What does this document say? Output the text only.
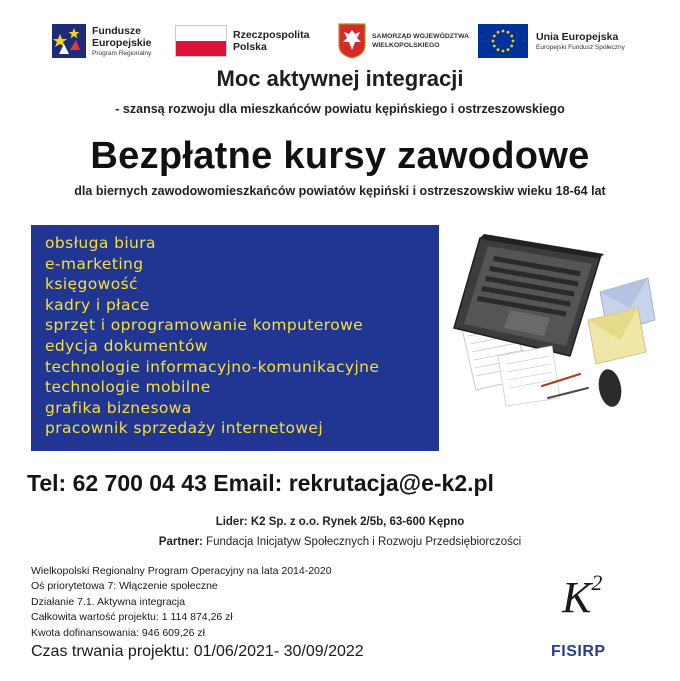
Fundusze
Europejskie
Program Regionalny
Rzeczpospolita
Polska
SAMORZĄD WOJEWÓDZTWA
WIELKOPOLSKIEGO
Unia Europejska
Europejski Fundusz Społeczny
Moc aktywnej integracji
- szansą rozwoju dla mieszkańców powiatu kępińskiego i ostrzeszowskiego
Bezpłatne kursy zawodowe
dla biernych zawodowomieszkańców powiatów kępiński i ostrzeszowskiw wieku 18-64 lat
obsługa biura
e-marketing
księgowość
kadry i płace
sprzęt i oprogramowanie komputerowe
edycja dokumentów
technologie informacyjno-komunikacyjne
technologie mobilne
grafika biznesowa
pracownik sprzedaży internetowej
Tel: 62 700 04 43 Email: rekrutacja@e-k2.pl
Lider: K2 Sp. z o.o. Rynek 2/5b, 63-600 Kępno
Partner: Fundacja Inicjatyw Społecznych i Rozwoju Przedsiębiorczości
Wielkopolski Regionalny Program Operacyjny na lata 2014-2020
Oś priorytetowa 7: Włączenie społeczne
Działanie 7.1. Aktywna integracja
Całkowita wartość projektu: 1 114 874,26 zł
Kwota dofinansowania: 946 609,26 zł
Czas trwania projektu: 01/06/2021- 30/09/2022
$K^2$
FISIRP
